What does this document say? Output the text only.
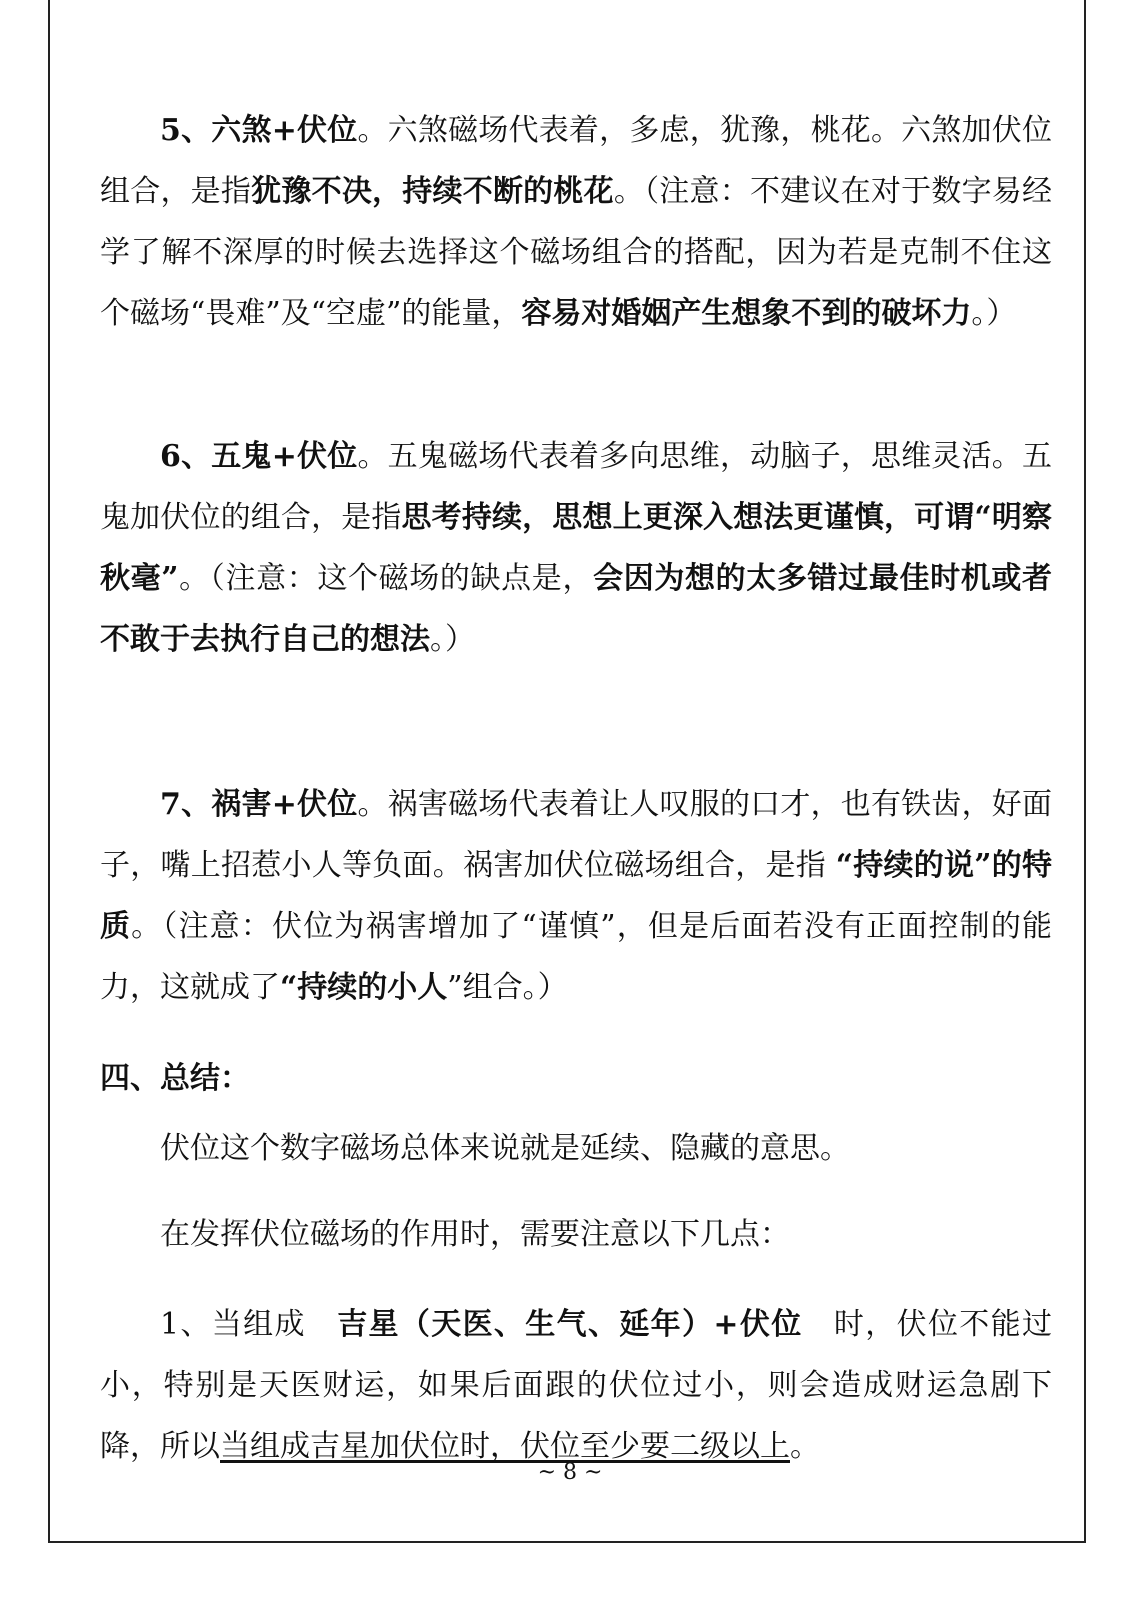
5、六煞+伏位。六煞磁场代表着，多虑，犹豫，桃花。六煞加伏位组合，是指犹豫不决，持续不断的桃花。（注意：不建议在对于数字易经学了解不深厚的时候去选择这个磁场组合的搭配，因为若是克制不住这个磁场“畏难”及“空虚”的能量，容易对婚姻产生想象不到的破坏力。）

6、五鬼+伏位。五鬼磁场代表着多向思维，动脑子，思维灵活。五鬼加伏位的组合，是指思考持续，思想上更深入想法更谨慎，可谓“明察秋毫”。（注意：这个磁场的缺点是，会因为想的太多错过最佳时机或者不敢于去执行自己的想法。）

7、祸害+伏位。祸害磁场代表着让人叹服的口才，也有铁齿，好面子，嘴上招惹小人等负面。祸害加伏位磁场组合，是指 “持续的说”的特质。（注意：伏位为祸害增加了“谨慎”，但是后面若没有正面控制的能力，这就成了“持续的小人”组合。）

四、总结：

伏位这个数字磁场总体来说就是延续、隐藏的意思。

在发挥伏位磁场的作用时，需要注意以下几点：

1、当组成 吉星（天医、生气、延年）+伏位 时，伏位不能过小，特别是天医财运，如果后面跟的伏位过小，则会造成财运急剧下降，所以当组成吉星加伏位时，伏位至少要二级以上。

~ 8 ~
